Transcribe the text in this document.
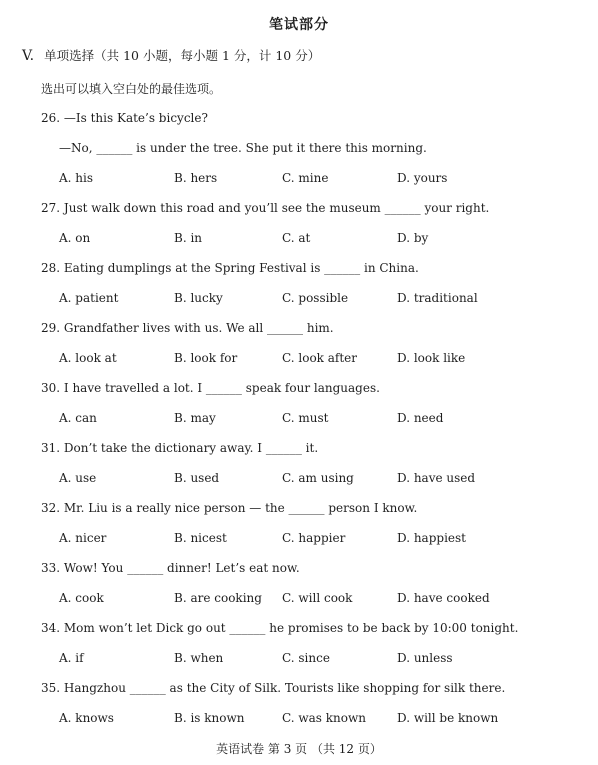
笔试部分
V. 单项选择（共 10 小题，每小题 1 分，计 10 分）
选出可以填入空白处的最佳选项。
26. —Is this Kate’s bicycle?
—No, ______ is under the tree. She put it there this morning.
A. his	B. hers	C. mine	D. yours
27. Just walk down this road and you’ll see the museum ______ your right.
A. on	B. in	C. at	D. by
28. Eating dumplings at the Spring Festival is ______ in China.
A. patient	B. lucky	C. possible	D. traditional
29. Grandfather lives with us. We all ______ him.
A. look at	B. look for	C. look after	D. look like
30. I have travelled a lot. I ______ speak four languages.
A. can	B. may	C. must	D. need
31. Don’t take the dictionary away. I ______ it.
A. use	B. used	C. am using	D. have used
32. Mr. Liu is a really nice person — the ______ person I know.
A. nicer	B. nicest	C. happier	D. happiest
33. Wow! You ______ dinner! Let’s eat now.
A. cook	B. are cooking C. will cook	D. have cooked
34. Mom won’t let Dick go out ______ he promises to be back by 10:00 tonight.
A. if	B. when	C. since	D. unless
35. Hangzhou ______ as the City of Silk. Tourists like shopping for silk there.
A. knows	B. is known	C. was known	D. will be known
英语试卷 第 3 页 （共 12 页）
